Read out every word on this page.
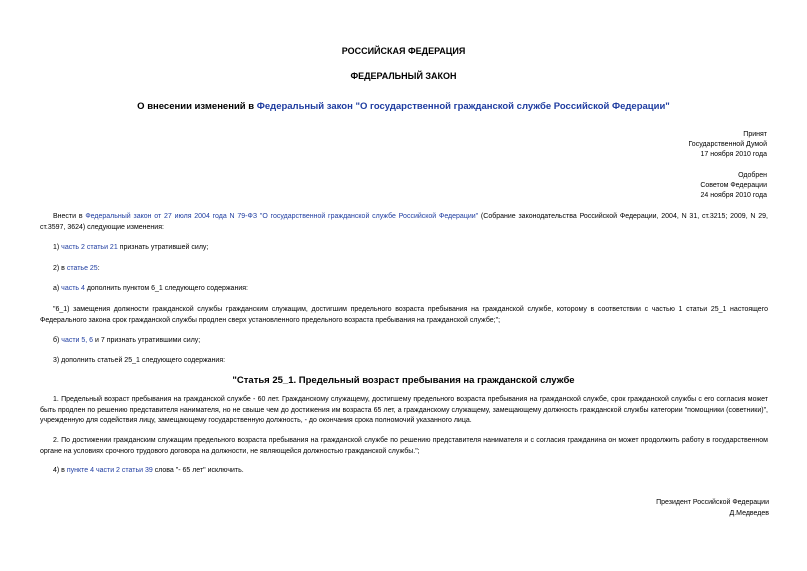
РОССИЙСКАЯ ФЕДЕРАЦИЯ
ФЕДЕРАЛЬНЫЙ ЗАКОН
О внесении изменений в Федеральный закон "О государственной гражданской службе Российской Федерации"
Принят
Государственной Думой
17 ноября 2010 года
Одобрен
Советом Федерации
24 ноября 2010 года
Внести в Федеральный закон от 27 июля 2004 года N 79-ФЗ "О государственной гражданской службе Российской Федерации" (Собрание законодательства Российской Федерации, 2004, N 31, ст.3215; 2009, N 29, ст.3597, 3624) следующие изменения:
1) часть 2 статьи 21 признать утратившей силу;
2) в статье 25:
а) часть 4 дополнить пунктом 6_1 следующего содержания:
"6_1) замещения должности гражданской службы гражданским служащим, достигшим предельного возраста пребывания на гражданской службе, которому в соответствии с частью 1 статьи 25_1 настоящего Федерального закона срок гражданской службы продлен сверх установленного предельного возраста пребывания на гражданской службе;";
б) части 5, 6 и 7 признать утратившими силу;
3) дополнить статьей 25_1 следующего содержания:
"Статья 25_1. Предельный возраст пребывания на гражданской службе
1. Предельный возраст пребывания на гражданской службе - 60 лет. Гражданскому служащему, достигшему предельного возраста пребывания на гражданской службе, срок гражданской службы с его согласия может быть продлен по решению представителя нанимателя, но не свыше чем до достижения им возраста 65 лет, а гражданскому служащему, замещающему должность гражданской службы категории "помощники (советники)", учрежденную для содействия лицу, замещающему государственную должность, - до окончания срока полномочий указанного лица.
2. По достижении гражданским служащим предельного возраста пребывания на гражданской службе по решению представителя нанимателя и с согласия гражданина он может продолжить работу в государственном органе на условиях срочного трудового договора на должности, не являющейся должностью гражданской службы.";
4) в пункте 4 части 2 статьи 39 слова "- 65 лет" исключить.
Президент Российской Федерации
Д.Медведев
